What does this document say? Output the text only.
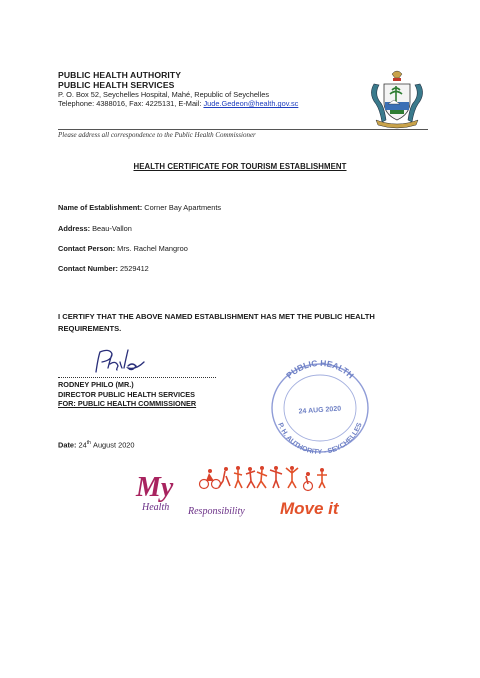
PUBLIC HEALTH AUTHORITY
PUBLIC HEALTH SERVICES
P. O. Box 52, Seychelles Hospital, Mahé, Republic of Seychelles
Telephone: 4388016, Fax: 4225131, E-Mail: Jude.Gedeon@health.gov.sc
Please address all correspondence to the Public Health Commissioner
HEALTH CERTIFICATE FOR TOURISM ESTABLISHMENT
Name of Establishment: Corner Bay Apartments
Address: Beau-Vallon
Contact Person: Mrs. Rachel Mangroo
Contact Number: 2529412
I CERTIFY THAT THE ABOVE NAMED ESTABLISHMENT HAS MET THE PUBLIC HEALTH REQUIREMENTS.
RODNEY PHILO (MR.)
DIRECTOR PUBLIC HEALTH SERVICES
FOR: PUBLIC HEALTH COMMISSIONER
PUBLIC HEALTH
24 AUG 2020
P. H. AUTHORITY - SEYCHELLES
Date: 24th August 2020
My
Health Responsibility Move it
